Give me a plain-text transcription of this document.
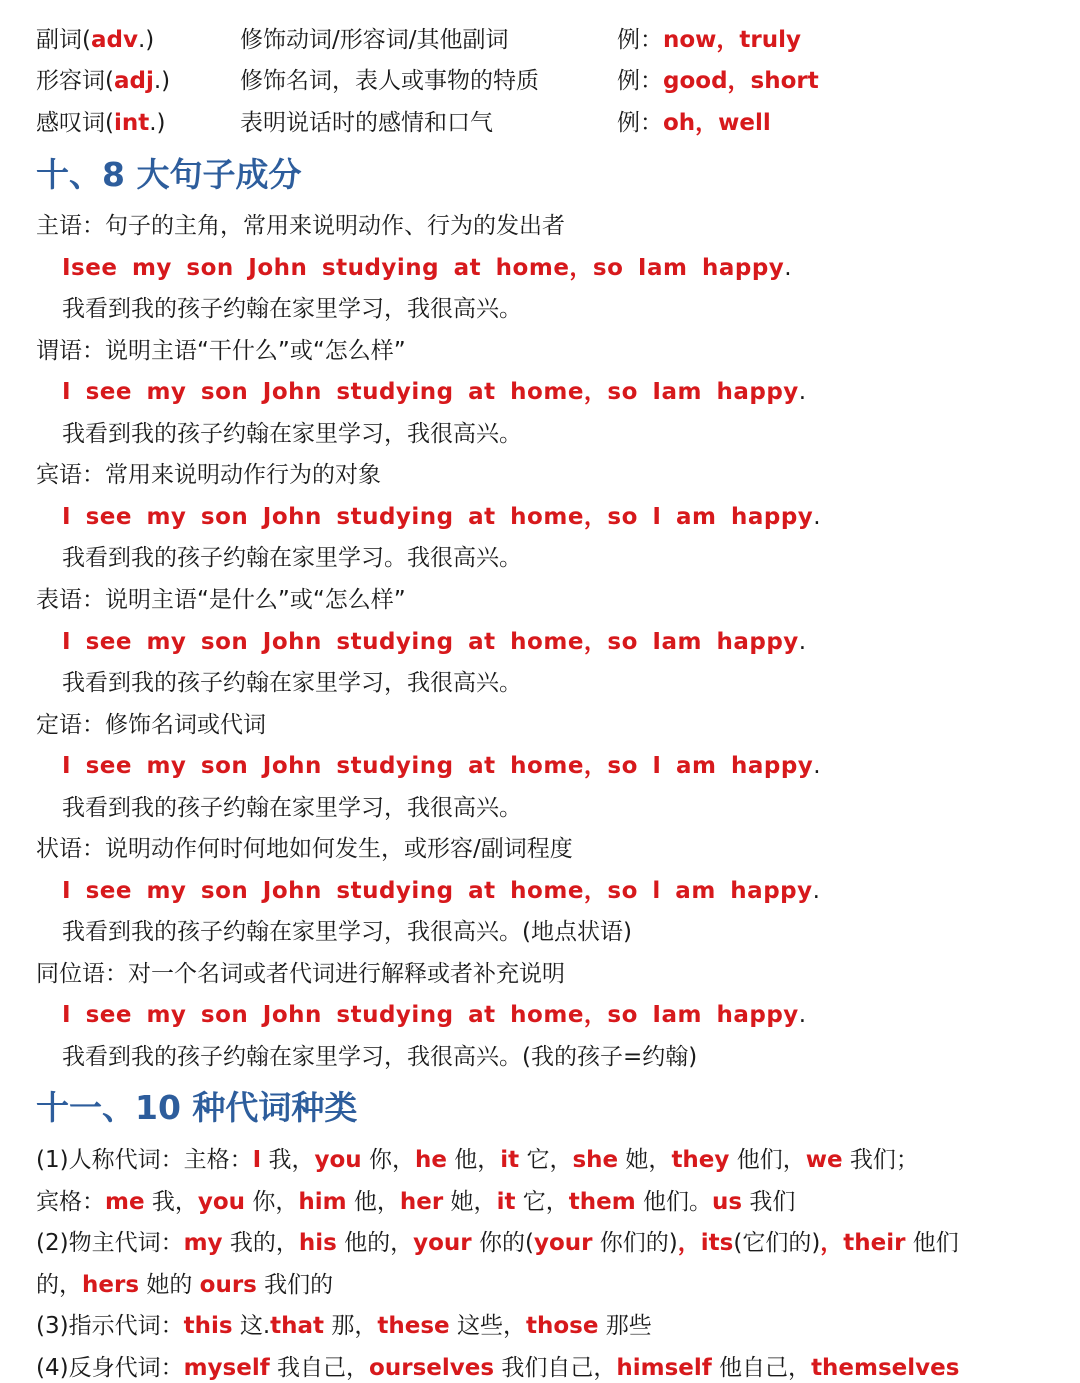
副词(adv.)	修饰动词/形容词/其他副词	例：now，truly
形容词(adj.)	修饰名词，表人或事物的特质	例：good，short
感叹词(int.)	表明说话时的感情和口气	例：oh，well
十、8 大句子成分
主语：句子的主角，常用来说明动作、行为的发出者
Isee my son John studying at home，so Iam happy.
我看到我的孩子约翰在家里学习，我很高兴。
谓语：说明主语“干什么”或“怎么样”
I see my son John studying at home，so Iam happy.
我看到我的孩子约翰在家里学习，我很高兴。
宾语：常用来说明动作行为的对象
I see my son John studying at home，so I am happy.
我看到我的孩子约翰在家里学习。我很高兴。
表语：说明主语“是什么”或“怎么样”
I see my son John studying at home，so Iam happy.
我看到我的孩子约翰在家里学习，我很高兴。
定语：修饰名词或代词
I see my son John studying at home，so I am happy.
我看到我的孩子约翰在家里学习，我很高兴。
状语：说明动作何时何地如何发生，或形容/副词程度
I see my son John studying at home，so l am happy.
我看到我的孩子约翰在家里学习，我很高兴。(地点状语)
同位语：对一个名词或者代词进行解释或者补充说明
I see my son John studying at home，so Iam happy.
我看到我的孩子约翰在家里学习，我很高兴。(我的孩子=约翰)
十一、10 种代词种类
(1)人称代词：主格：I 我，you 你，he 他，it 它，she 她，they 他们，we 我们；
宾格：me 我，you 你，him 他，her 她，it 它，them 他们。us 我们
(2)物主代词：my 我的，his 他的，your 你的(your 你们的)，its(它们的)，their 他们
的，hers 她的 ours 我们的
(3)指示代词：this 这.that 那，these 这些，those 那些
(4)反身代词：myself 我自己，ourselves 我们自己，himself 他自己，themselves
